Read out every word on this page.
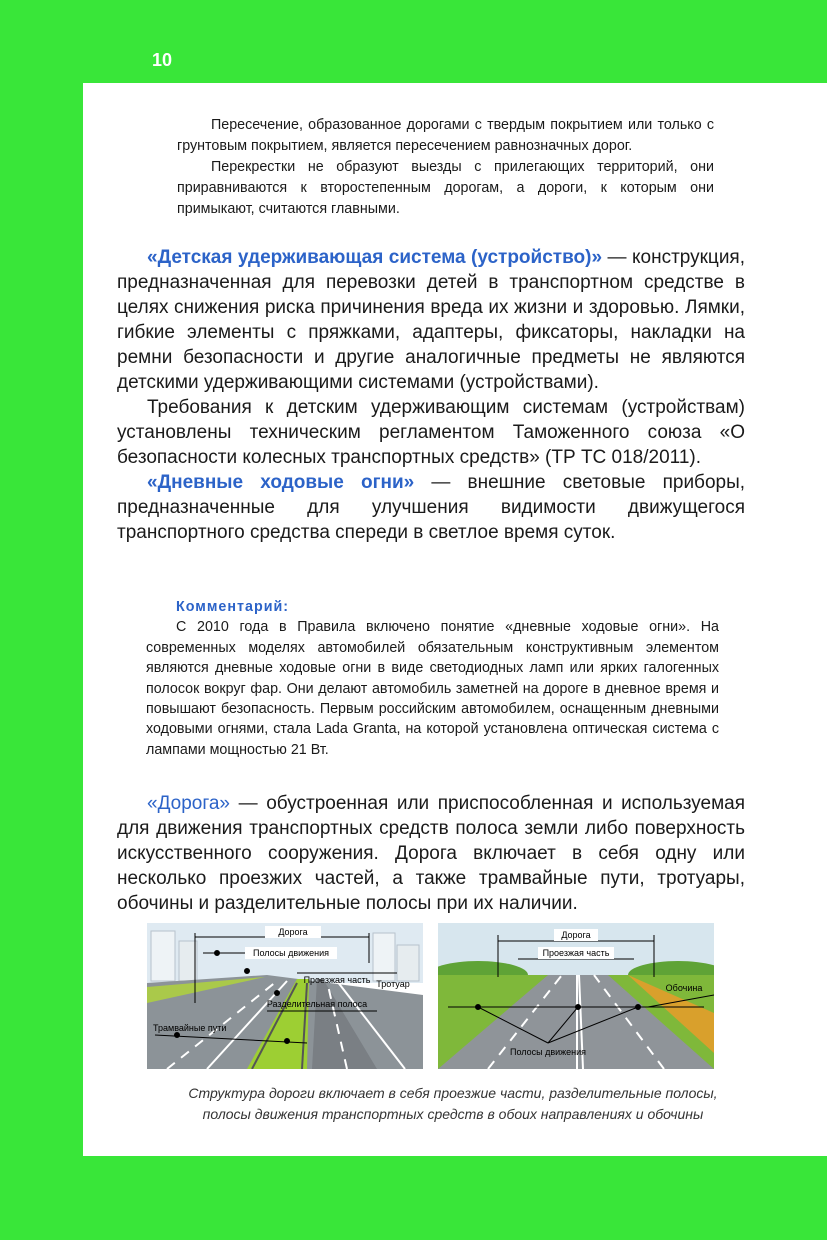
10

Пересечение, образованное дорогами с твердым покрытием или только с грунтовым покрытием, является пересечением равнозначных дорог.

Перекрестки не образуют выезды с прилегающих территорий, они приравниваются к второстепенным дорогам, а дороги, к которым они примыкают, считаются главными.

«Детская удерживающая система (устройство)» — конструкция, предназначенная для перевозки детей в транспортном средстве в целях снижения риска причинения вреда их жизни и здоровью. Лямки, гибкие элементы с пряжками, адаптеры, фиксаторы, накладки на ремни безопасности и другие аналогичные предметы не являются детскими удерживающими системами (устройствами).

Требования к детским удерживающим системам (устройствам) установлены техническим регламентом Таможенного союза «О безопасности колесных транспортных средств» (ТР ТС 018/2011).

«Дневные ходовые огни» — внешние световые приборы, предназначенные для улучшения видимости движущегося транспортного средства спереди в светлое время суток.

Комментарий:

С 2010 года в Правила включено понятие «дневные ходовые огни». На современных моделях автомобилей обязательным конструктивным элементом являются дневные ходовые огни в виде светодиодных ламп или ярких галогенных полосок вокруг фар. Они делают автомобиль заметней на дороге в дневное время и повышают безопасность. Первым российским автомобилем, оснащенным дневными ходовыми огнями, стала Lada Granta, на которой установлена оптическая система с лампами мощностью 21 Вт.

«Дорога» — обустроенная или приспособленная и используемая для движения транспортных средств полоса земли либо поверхность искусственного сооружения. Дорога включает в себя одну или несколько проезжих частей, а также трамвайные пути, тротуары, обочины и разделительные полосы при их наличии.

Дорога
Полосы движения
Проезжая часть Тротуар
Разделительная полоса
Трамвайные пути
Дорога
Проезжая часть
Обочина
Полосы движения
Структура дороги включает в себя проезжие части, разделительные полосы,
полосы движения транспортных средств в обоих направлениях и обочины
